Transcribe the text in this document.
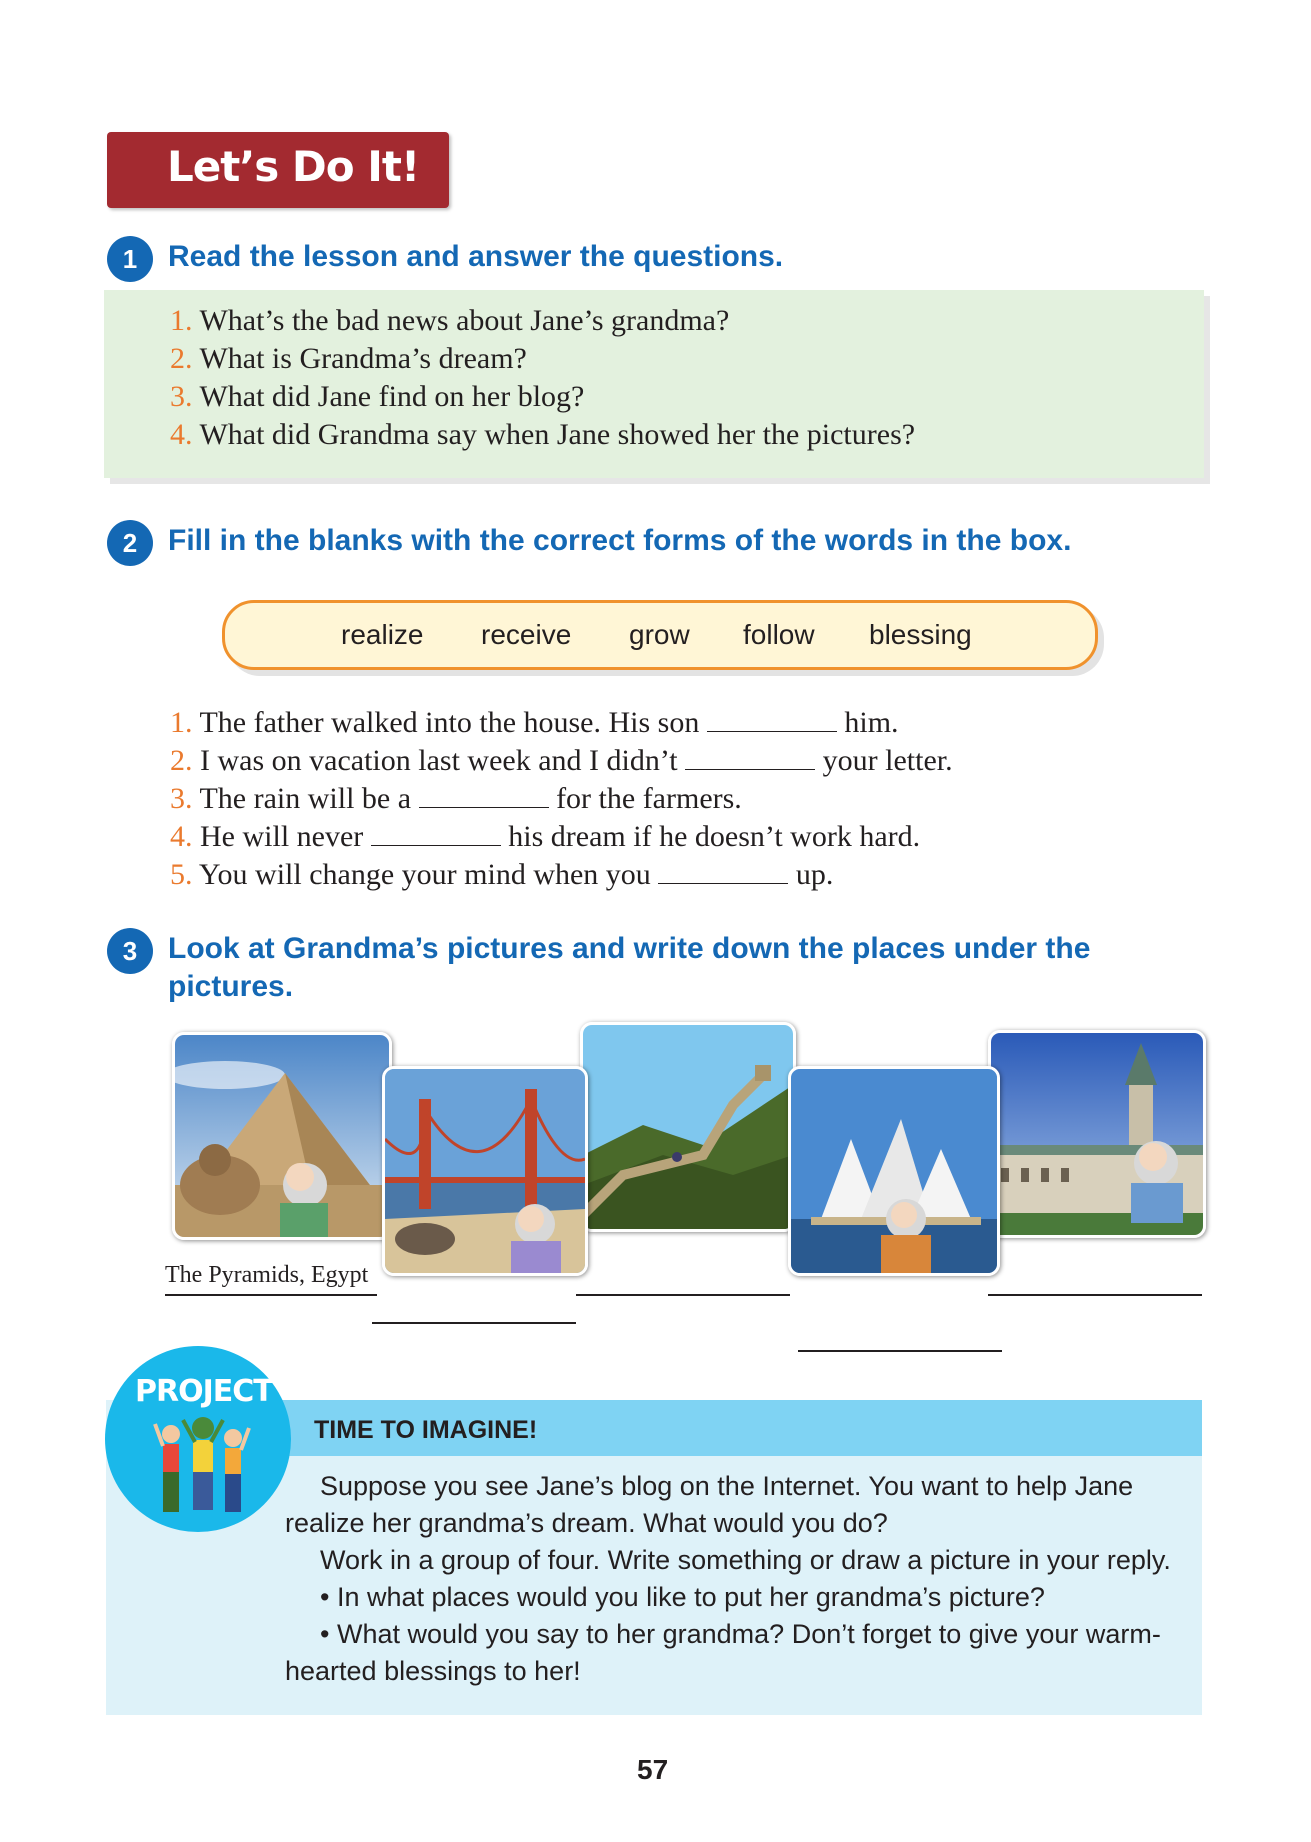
Let’s Do It!
1	Read the lesson and answer the questions.
1. What’s the bad news about Jane’s grandma?
2. What is Grandma’s dream?
3. What did Jane find on her blog?
4. What did Grandma say when Jane showed her the pictures?
2	Fill in the blanks with the correct forms of the words in the box.
realize receive grow follow blessing
1. The father walked into the house. His son	him.
2. I was on vacation last week and I didn’t	your letter.
3. The rain will be a	for the farmers.
4. He will never	his dream if he doesn’t work hard.
5. You will change your mind when you	up.
3	Look at Grandma’s pictures and write down the places under the
pictures.
The Pyramids, Egypt
PROJECT
TIME TO IMAGINE!
Suppose you see Jane’s blog on the Internet. You want to help Jane
realize her grandma’s dream. What would you do?
Work in a group of four. Write something or draw a picture in your reply.
• In what places would you like to put her grandma’s picture?
• What would you say to her grandma? Don’t forget to give your warm-
hearted blessings to her!
57
